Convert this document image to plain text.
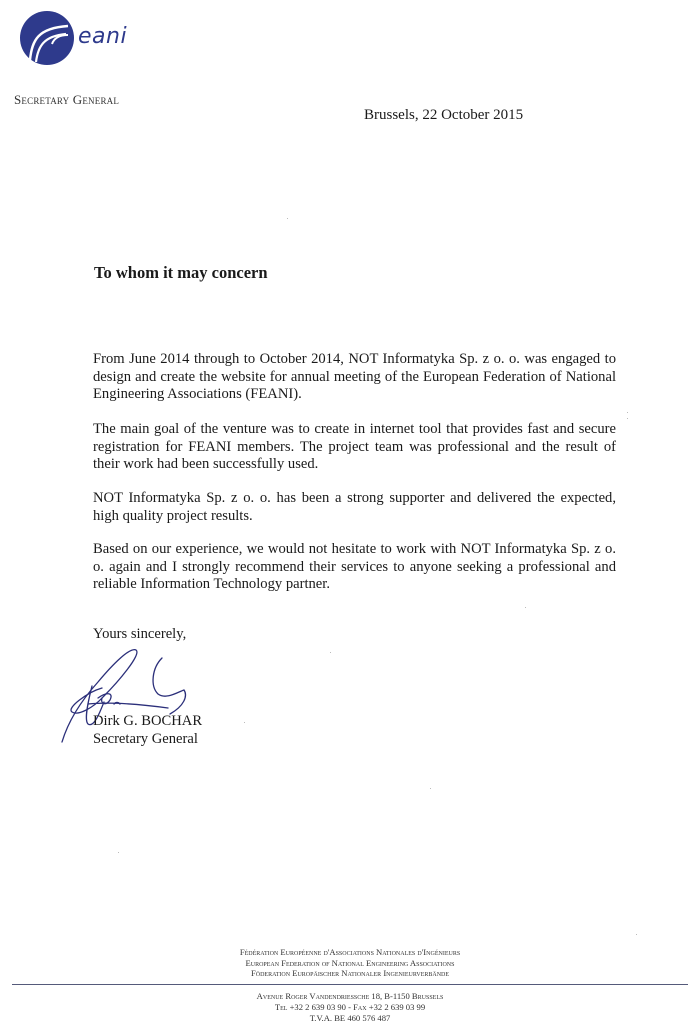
eani
Secretary General
Brussels, 22 October 2015
To whom it may concern
From June 2014 through to October 2014, NOT Informatyka Sp. z o. o. was engaged to design and create the website for annual meeting of the European Federation of National Engineering Associations (FEANI).
The main goal of the venture was to create in internet tool that provides fast and secure registration for FEANI members. The project team was professional and the result of their work had been successfully used.
NOT Informatyka Sp. z o. o. has been a strong supporter and delivered the expected, high quality project results.
Based on our experience, we would not hesitate to work with NOT Informatyka Sp. z o. o. again and I strongly recommend their services to anyone seeking a professional and reliable Information Technology partner.
Yours sincerely,
Dirk G. BOCHAR
Secretary General
Fédération Européenne d'Associations Nationales d'Ingénieurs
European Federation of National Engineering Associations
Föderation Europäischer Nationaler Ingenieurverbände
Avenue Roger Vandendriessche 18, B-1150 Brussels
Tel +32 2 639 03 90 - Fax +32 2 639 03 99
T.V.A. BE 460 576 487
